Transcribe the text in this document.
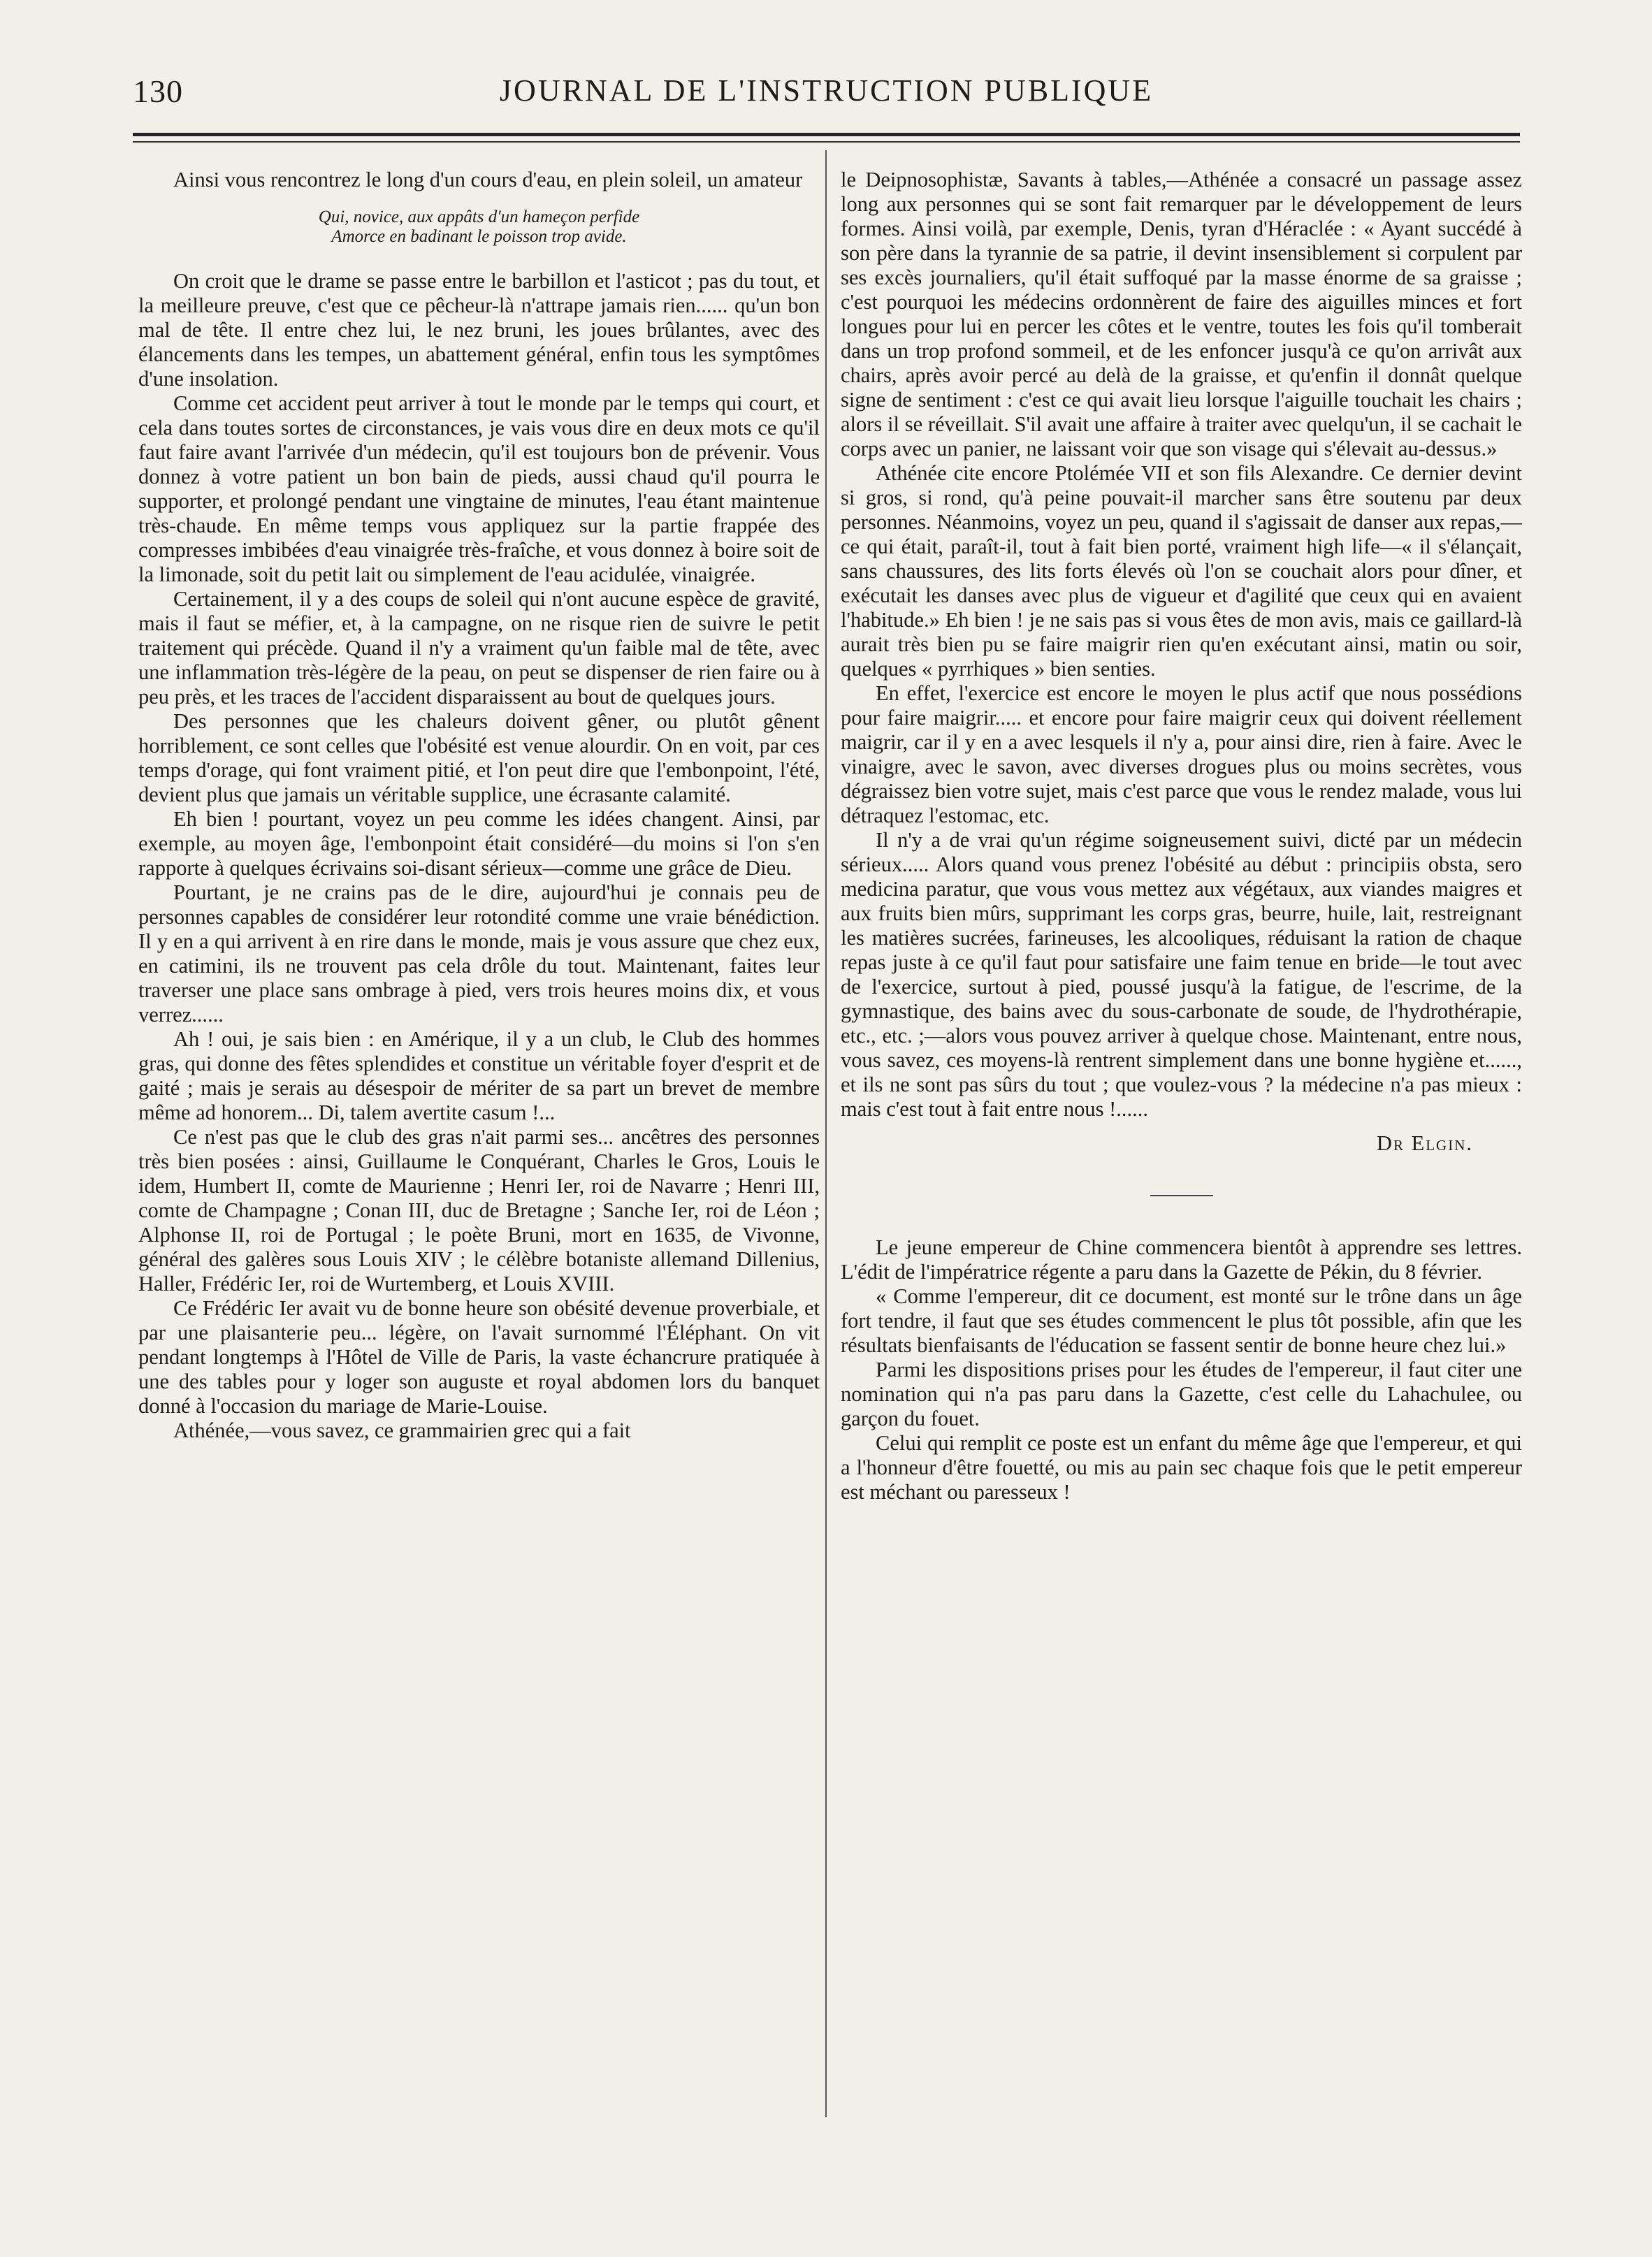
130	JOURNAL DE L'INSTRUCTION PUBLIQUE

Ainsi vous rencontrez le long d'un cours d'eau, en plein soleil, un amateur

Qui, novice, aux appâts d'un hameçon perfide
Amorce en badinant le poisson trop avide.

On croit que le drame se passe entre le barbillon et l'asticot ; pas du tout, et la meilleure preuve, c'est que ce pêcheur-là n'attrape jamais rien...... qu'un bon mal de tête. Il entre chez lui, le nez bruni, les joues brûlantes, avec des élancements dans les tempes, un abattement général, enfin tous les symptômes d'une insolation.

Comme cet accident peut arriver à tout le monde par le temps qui court, et cela dans toutes sortes de circonstances, je vais vous dire en deux mots ce qu'il faut faire avant l'arrivée d'un médecin, qu'il est toujours bon de prévenir. Vous donnez à votre patient un bon bain de pieds, aussi chaud qu'il pourra le supporter, et prolongé pendant une vingtaine de minutes, l'eau étant maintenue très-chaude. En même temps vous appliquez sur la partie frappée des compresses imbibées d'eau vinaigrée très-fraîche, et vous donnez à boire soit de la limonade, soit du petit lait ou simplement de l'eau acidulée, vinaigrée.

Certainement, il y a des coups de soleil qui n'ont aucune espèce de gravité, mais il faut se méfier, et, à la campagne, on ne risque rien de suivre le petit traitement qui précède. Quand il n'y a vraiment qu'un faible mal de tête, avec une inflammation très-légère de la peau, on peut se dispenser de rien faire ou à peu près, et les traces de l'accident disparaissent au bout de quelques jours.

Des personnes que les chaleurs doivent gêner, ou plutôt gênent horriblement, ce sont celles que l'obésité est venue alourdir. On en voit, par ces temps d'orage, qui font vraiment pitié, et l'on peut dire que l'embonpoint, l'été, devient plus que jamais un véritable supplice, une écrasante calamité.

Eh bien ! pourtant, voyez un peu comme les idées changent. Ainsi, par exemple, au moyen âge, l'embonpoint était considéré—du moins si l'on s'en rapporte à quelques écrivains soi-disant sérieux—comme une grâce de Dieu.

Pourtant, je ne crains pas de le dire, aujourd'hui je connais peu de personnes capables de considérer leur rotondité comme une vraie bénédiction. Il y en a qui arrivent à en rire dans le monde, mais je vous assure que chez eux, en catimini, ils ne trouvent pas cela drôle du tout. Maintenant, faites leur traverser une place sans ombrage à pied, vers trois heures moins dix, et vous verrez......

Ah ! oui, je sais bien : en Amérique, il y a un club, le Club des hommes gras, qui donne des fêtes splendides et constitue un véritable foyer d'esprit et de gaité ; mais je serais au désespoir de mériter de sa part un brevet de membre même ad honorem... Di, talem avertite casum !...

Ce n'est pas que le club des gras n'ait parmi ses... ancêtres des personnes très bien posées : ainsi, Guillaume le Conquérant, Charles le Gros, Louis le idem, Humbert II, comte de Maurienne ; Henri Ier, roi de Navarre ; Henri III, comte de Champagne ; Conan III, duc de Bretagne ; Sanche Ier, roi de Léon ; Alphonse II, roi de Portugal ; le poète Bruni, mort en 1635, de Vivonne, général des galères sous Louis XIV ; le célèbre botaniste allemand Dillenius, Haller, Frédéric Ier, roi de Wurtemberg, et Louis XVIII.

Ce Frédéric Ier avait vu de bonne heure son obésité devenue proverbiale, et par une plaisanterie peu... légère, on l'avait surnommé l'Éléphant. On vit pendant longtemps à l'Hôtel de Ville de Paris, la vaste échancrure pratiquée à une des tables pour y loger son auguste et royal abdomen lors du banquet donné à l'occasion du mariage de Marie-Louise.

Athénée,—vous savez, ce grammairien grec qui a fait

le Deipnosophistæ, Savants à tables,—Athénée a consacré un passage assez long aux personnes qui se sont fait remarquer par le développement de leurs formes. Ainsi voilà, par exemple, Denis, tyran d'Héraclée : « Ayant succédé à son père dans la tyrannie de sa patrie, il devint insensiblement si corpulent par ses excès journaliers, qu'il était suffoqué par la masse énorme de sa graisse ; c'est pourquoi les médecins ordonnèrent de faire des aiguilles minces et fort longues pour lui en percer les côtes et le ventre, toutes les fois qu'il tomberait dans un trop profond sommeil, et de les enfoncer jusqu'à ce qu'on arrivât aux chairs, après avoir percé au delà de la graisse, et qu'enfin il donnât quelque signe de sentiment : c'est ce qui avait lieu lorsque l'aiguille touchait les chairs ; alors il se réveillait. S'il avait une affaire à traiter avec quelqu'un, il se cachait le corps avec un panier, ne laissant voir que son visage qui s'élevait au-dessus.»

Athénée cite encore Ptolémée VII et son fils Alexandre. Ce dernier devint si gros, si rond, qu'à peine pouvait-il marcher sans être soutenu par deux personnes. Néanmoins, voyez un peu, quand il s'agissait de danser aux repas,—ce qui était, paraît-il, tout à fait bien porté, vraiment high life—« il s'élançait, sans chaussures, des lits forts élevés où l'on se couchait alors pour dîner, et exécutait les danses avec plus de vigueur et d'agilité que ceux qui en avaient l'habitude.» Eh bien ! je ne sais pas si vous êtes de mon avis, mais ce gaillard-là aurait très bien pu se faire maigrir rien qu'en exécutant ainsi, matin ou soir, quelques « pyrrhiques » bien senties.

En effet, l'exercice est encore le moyen le plus actif que nous possédions pour faire maigrir..... et encore pour faire maigrir ceux qui doivent réellement maigrir, car il y en a avec lesquels il n'y a, pour ainsi dire, rien à faire. Avec le vinaigre, avec le savon, avec diverses drogues plus ou moins secrètes, vous dégraissez bien votre sujet, mais c'est parce que vous le rendez malade, vous lui détraquez l'estomac, etc.

Il n'y a de vrai qu'un régime soigneusement suivi, dicté par un médecin sérieux..... Alors quand vous prenez l'obésité au début : principiis obsta, sero medicina paratur, que vous vous mettez aux végétaux, aux viandes maigres et aux fruits bien mûrs, supprimant les corps gras, beurre, huile, lait, restreignant les matières sucrées, farineuses, les alcooliques, réduisant la ration de chaque repas juste à ce qu'il faut pour satisfaire une faim tenue en bride—le tout avec de l'exercice, surtout à pied, poussé jusqu'à la fatigue, de l'escrime, de la gymnastique, des bains avec du sous-carbonate de soude, de l'hydrothérapie, etc., etc. ;—alors vous pouvez arriver à quelque chose. Maintenant, entre nous, vous savez, ces moyens-là rentrent simplement dans une bonne hygiène et......, et ils ne sont pas sûrs du tout ; que voulez-vous ? la médecine n'a pas mieux : mais c'est tout à fait entre nous !......

Dr Elgin.

Le jeune empereur de Chine commencera bientôt à apprendre ses lettres. L'édit de l'impératrice régente a paru dans la Gazette de Pékin, du 8 février.

« Comme l'empereur, dit ce document, est monté sur le trône dans un âge fort tendre, il faut que ses études commencent le plus tôt possible, afin que les résultats bienfaisants de l'éducation se fassent sentir de bonne heure chez lui.»

Parmi les dispositions prises pour les études de l'empereur, il faut citer une nomination qui n'a pas paru dans la Gazette, c'est celle du Lahachulee, ou garçon du fouet.

Celui qui remplit ce poste est un enfant du même âge que l'empereur, et qui a l'honneur d'être fouetté, ou mis au pain sec chaque fois que le petit empereur est méchant ou paresseux !
